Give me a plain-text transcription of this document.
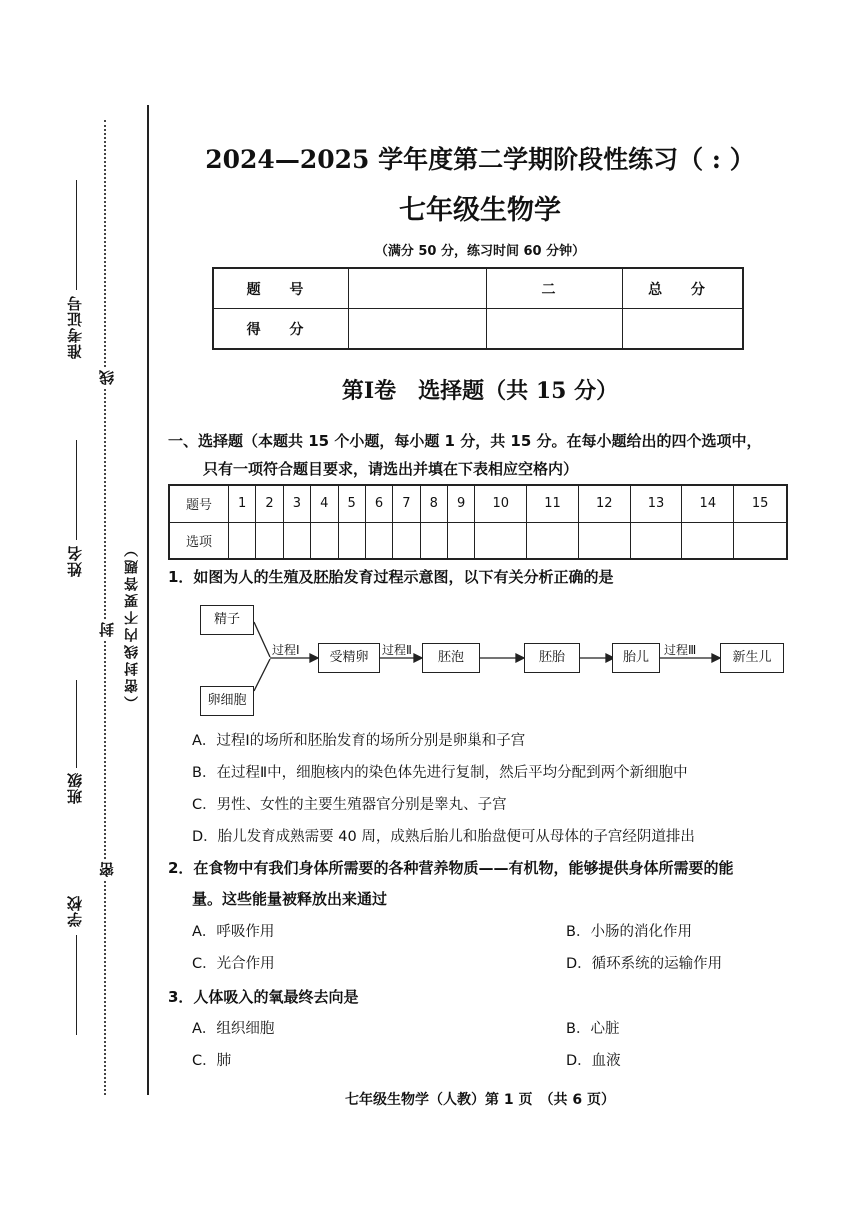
准考证号
姓名
班级
学校
线
封
密
（密封线内不要答题）
2024—2025 学年度第二学期阶段性练习（ : ）
七年级生物学
（满分 50 分，练习时间 60 分钟）
题 号		二	总 分
得 分			
第Ⅰ卷　选择题（共 15 分）
一、选择题（本题共 15 个小题，每小题 1 分，共 15 分。在每小题给出的四个选项中，
只有一项符合题目要求，请选出并填在下表相应空格内）
题号	1	2	3	4	5	6	7	8	9	10	11	12	13	14	15
选项															
1．如图为人的生殖及胚胎发育过程示意图，以下有关分析正确的是
精子
卵细胞
过程Ⅰ	受精卵	过程Ⅱ	胚泡	胚胎	胎儿	过程Ⅲ	新生儿
A．过程Ⅰ的场所和胚胎发育的场所分别是卵巢和子宫
B．在过程Ⅱ中，细胞核内的染色体先进行复制，然后平均分配到两个新细胞中
C．男性、女性的主要生殖器官分别是睾丸、子宫
D．胎儿发育成熟需要 40 周，成熟后胎儿和胎盘便可从母体的子宫经阴道排出
2．在食物中有我们身体所需要的各种营养物质——有机物，能够提供身体所需要的能
量。这些能量被释放出来通过
A．呼吸作用	B．小肠的消化作用
C．光合作用	D．循环系统的运输作用
3．人体吸入的氧最终去向是
A．组织细胞	B．心脏
C．肺	D．血液
七年级生物学（人教）第 1 页　（共 6 页）
